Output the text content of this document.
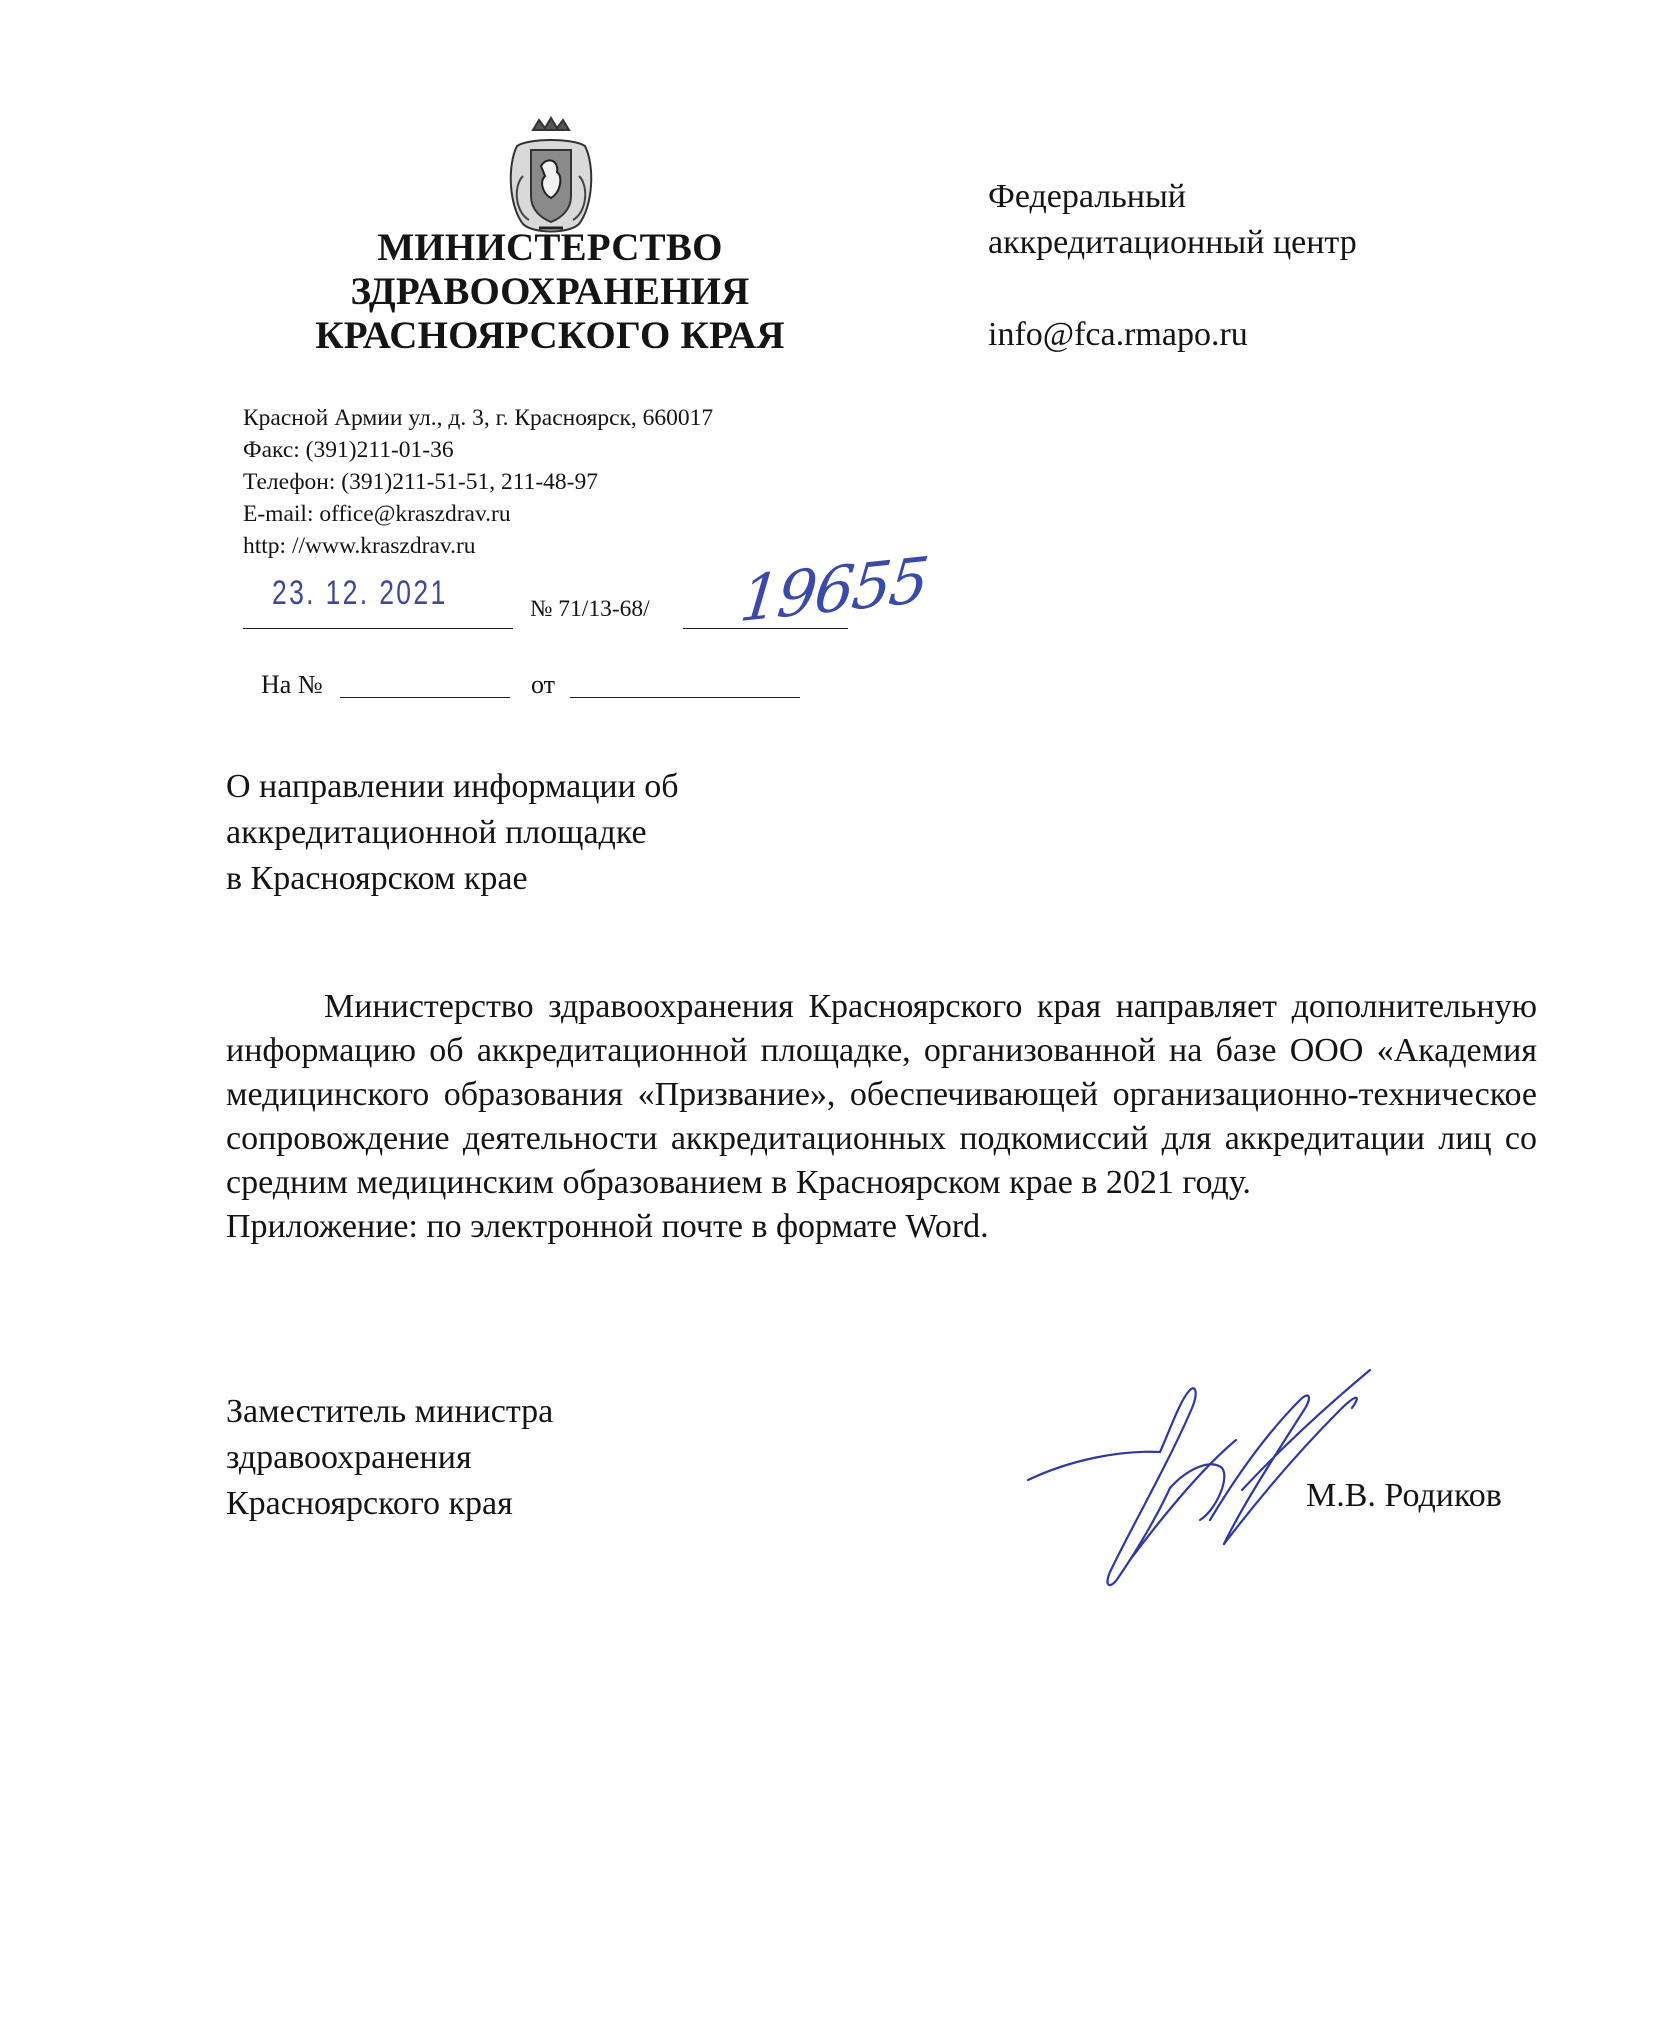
МИНИСТЕРСТВО
ЗДРАВООХРАНЕНИЯ
КРАСНОЯРСКОГО КРАЯ
Красной Армии ул., д. 3, г. Красноярск, 660017
Факс: (391)211-01-36
Телефон: (391)211-51-51, 211-48-97
E-mail: office@kraszdrav.ru
http: //www.kraszdrav.ru
Федеральный
аккредитационный центр
info@fca.rmapo.ru
23. 12. 2021	№ 71/13-68/ 19655
На №	от
О направлении информации об
аккредитационной площадке
в Красноярском крае

Министерство здравоохранения Красноярского края направляет дополнительную информацию об аккредитационной площадке, организованной на базе ООО «Академия медицинского образования «Призвание», обеспечивающей организационно-техническое сопровождение деятельности аккредитационных подкомиссий для аккредитации лиц со средним медицинским образованием в Красноярском крае в 2021 году.

Приложение: по электронной почте в формате Word.

Заместитель министра
здравоохранения
Красноярского края	М.В. Родиков
